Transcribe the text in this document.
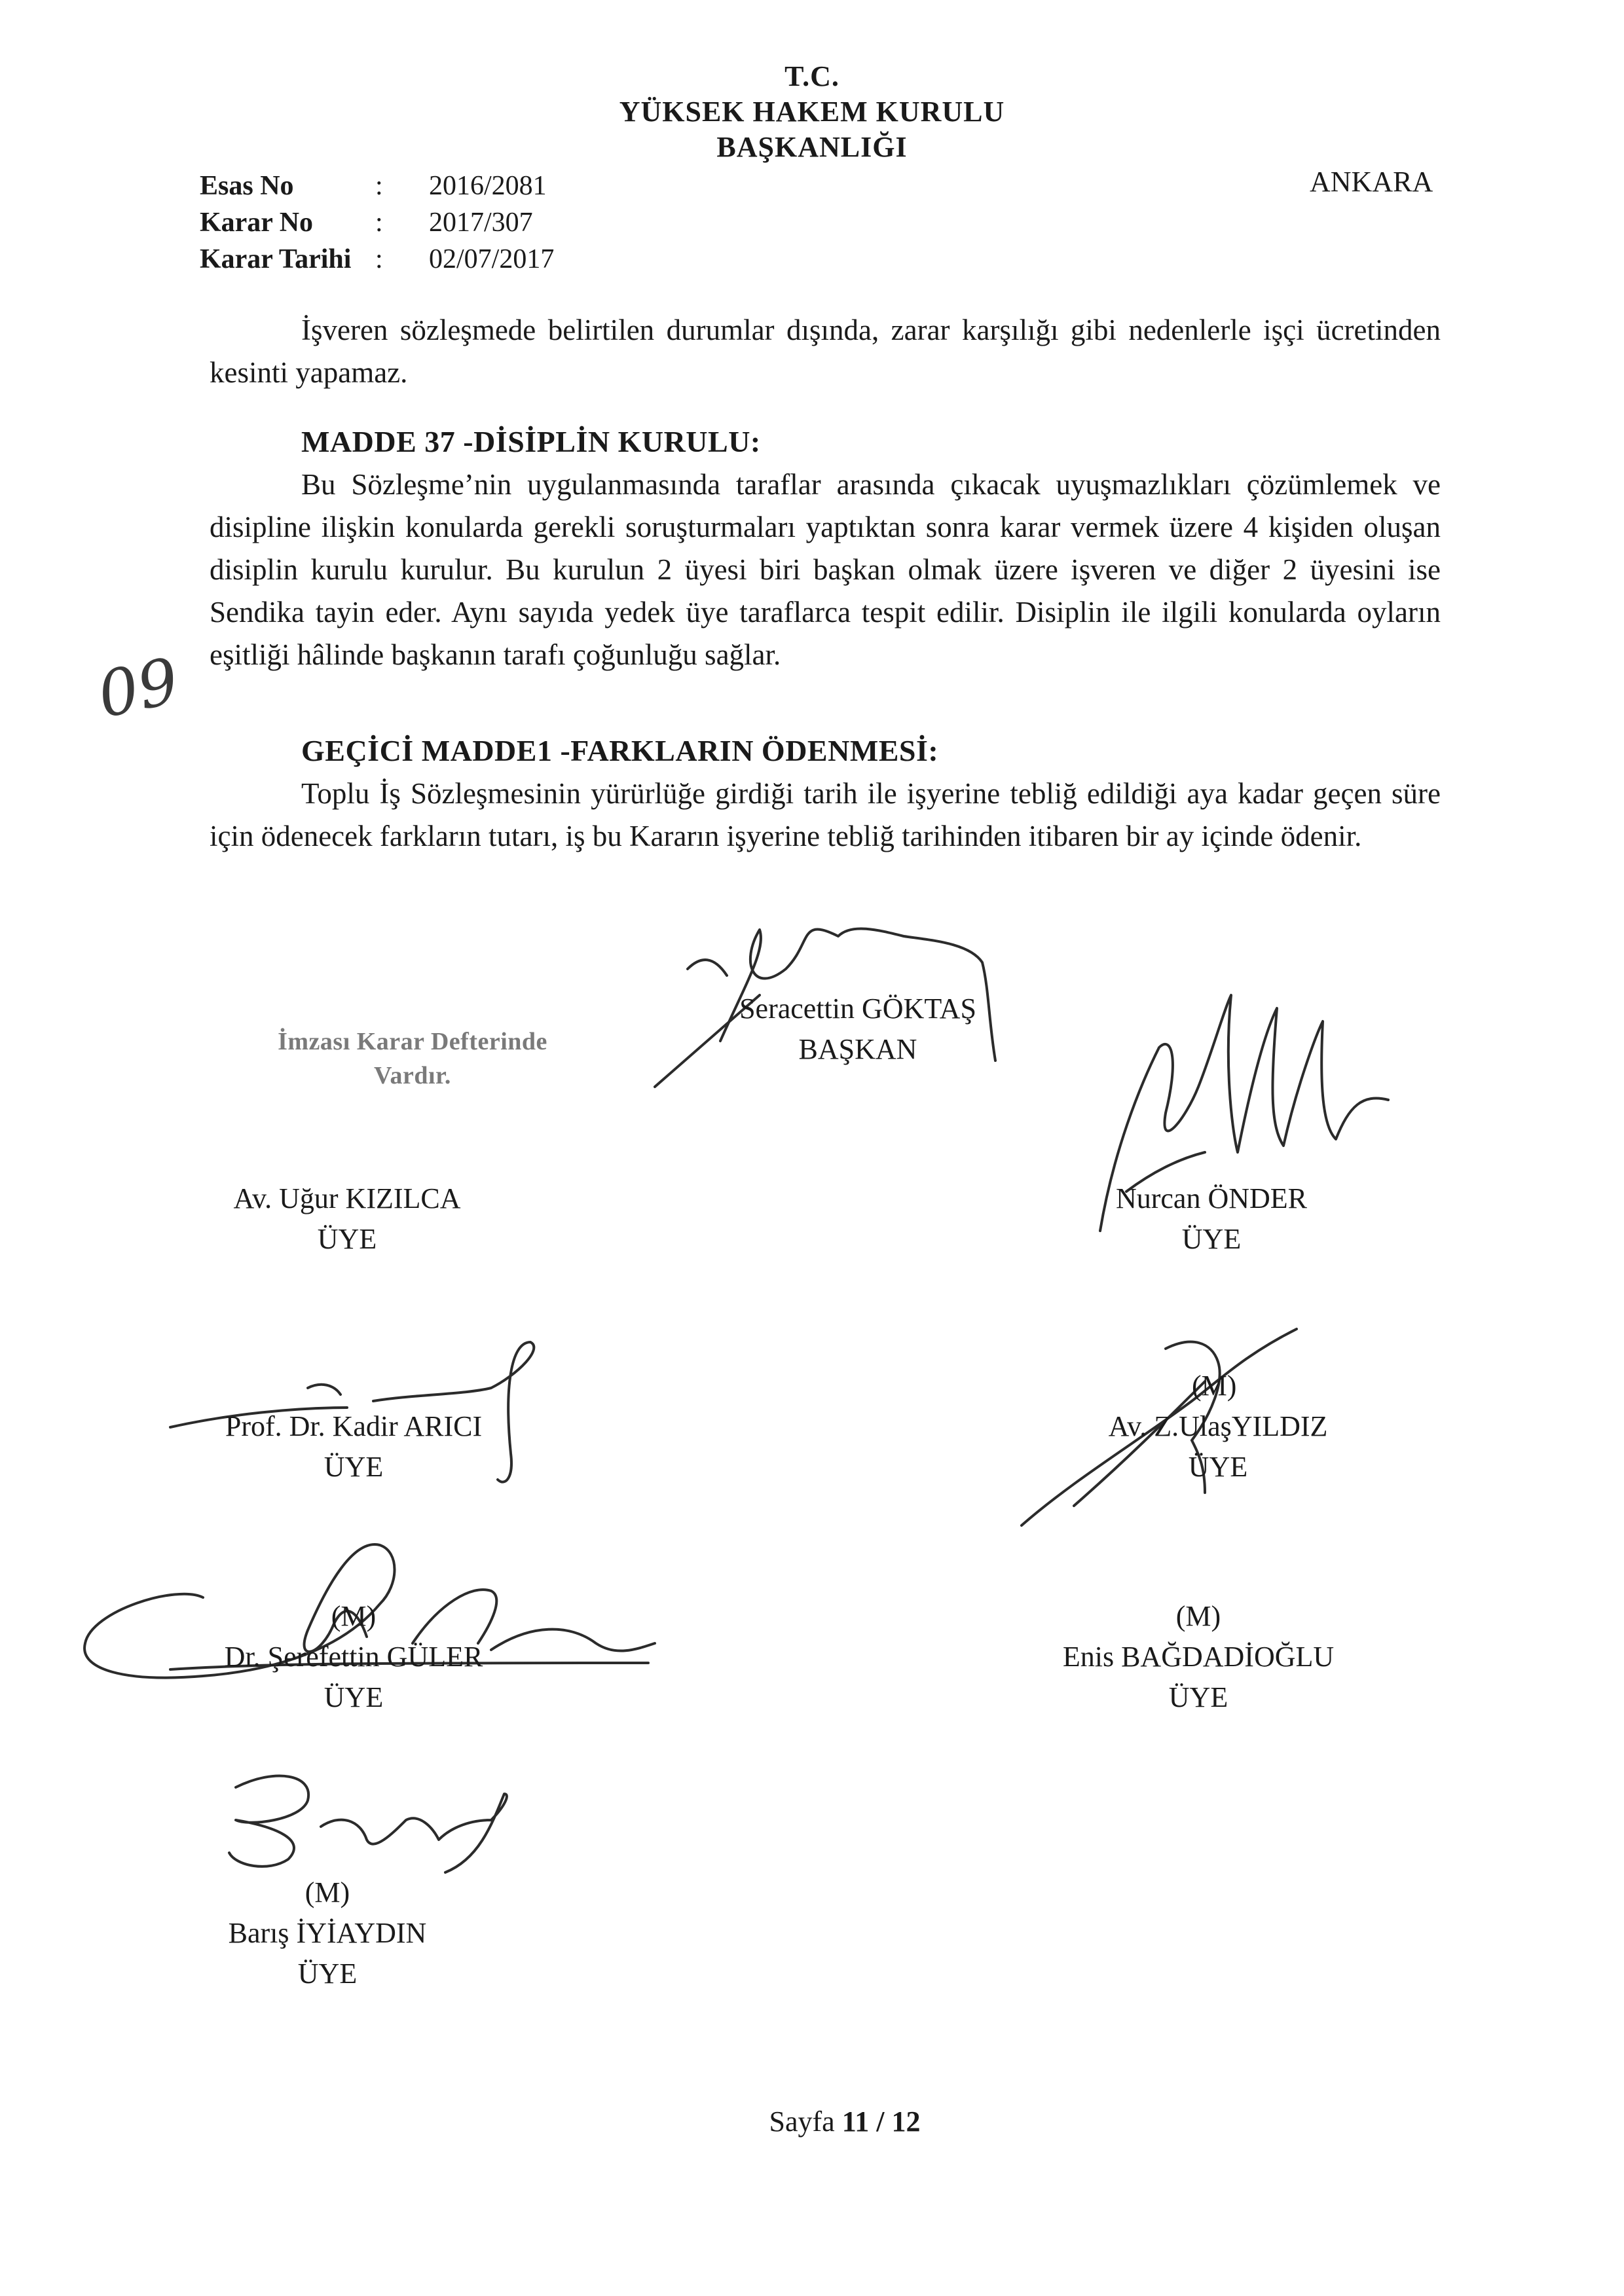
T.C.
YÜKSEK HAKEM KURULU
BAŞKANLIĞI
ANKARA
Esas No	: 2016/2081
Karar No : 2017/307
Karar Tarihi : 02/07/2017
İşveren sözleşmede belirtilen durumlar dışında, zarar karşılığı gibi nedenlerle işçi ücretinden kesinti yapamaz.
MADDE 37 -DİSİPLİN KURULU:
Bu Sözleşme’nin uygulanmasında taraflar arasında çıkacak uyuşmazlıkları çözümlemek ve disipline ilişkin konularda gerekli soruşturmaları yaptıktan sonra karar vermek üzere 4 kişiden oluşan disiplin kurulu kurulur. Bu kurulun 2 üyesi biri başkan olmak üzere işveren ve diğer 2 üyesini ise Sendika tayin eder. Aynı sayıda yedek üye taraflarca tespit edilir. Disiplin ile ilgili konularda oyların eşitliği hâlinde başkanın tarafı çoğunluğu sağlar.
09
GEÇİCİ MADDE1 -FARKLARIN ÖDENMESİ:
Toplu İş Sözleşmesinin yürürlüğe girdiği tarih ile işyerine tebliğ edildiği aya kadar geçen süre için ödenecek farkların tutarı, iş bu Kararın işyerine tebliğ tarihinden itibaren bir ay içinde ödenir.
İmzası Karar Defterinde
Vardır.
Seracettin GÖKTAŞ
BAŞKAN
Av. Uğur KIZILCA
ÜYE
Nurcan ÖNDER
ÜYE
Prof. Dr. Kadir ARICI
ÜYE
(M)
Av. Z.UlaşYILDIZ
ÜYE
(M)
Dr. Şerefettin GÜLER
ÜYE
(M)
Enis BAĞDADİOĞLU
ÜYE
(M)
Barış İYİAYDIN
ÜYE
Sayfa 11 / 12
